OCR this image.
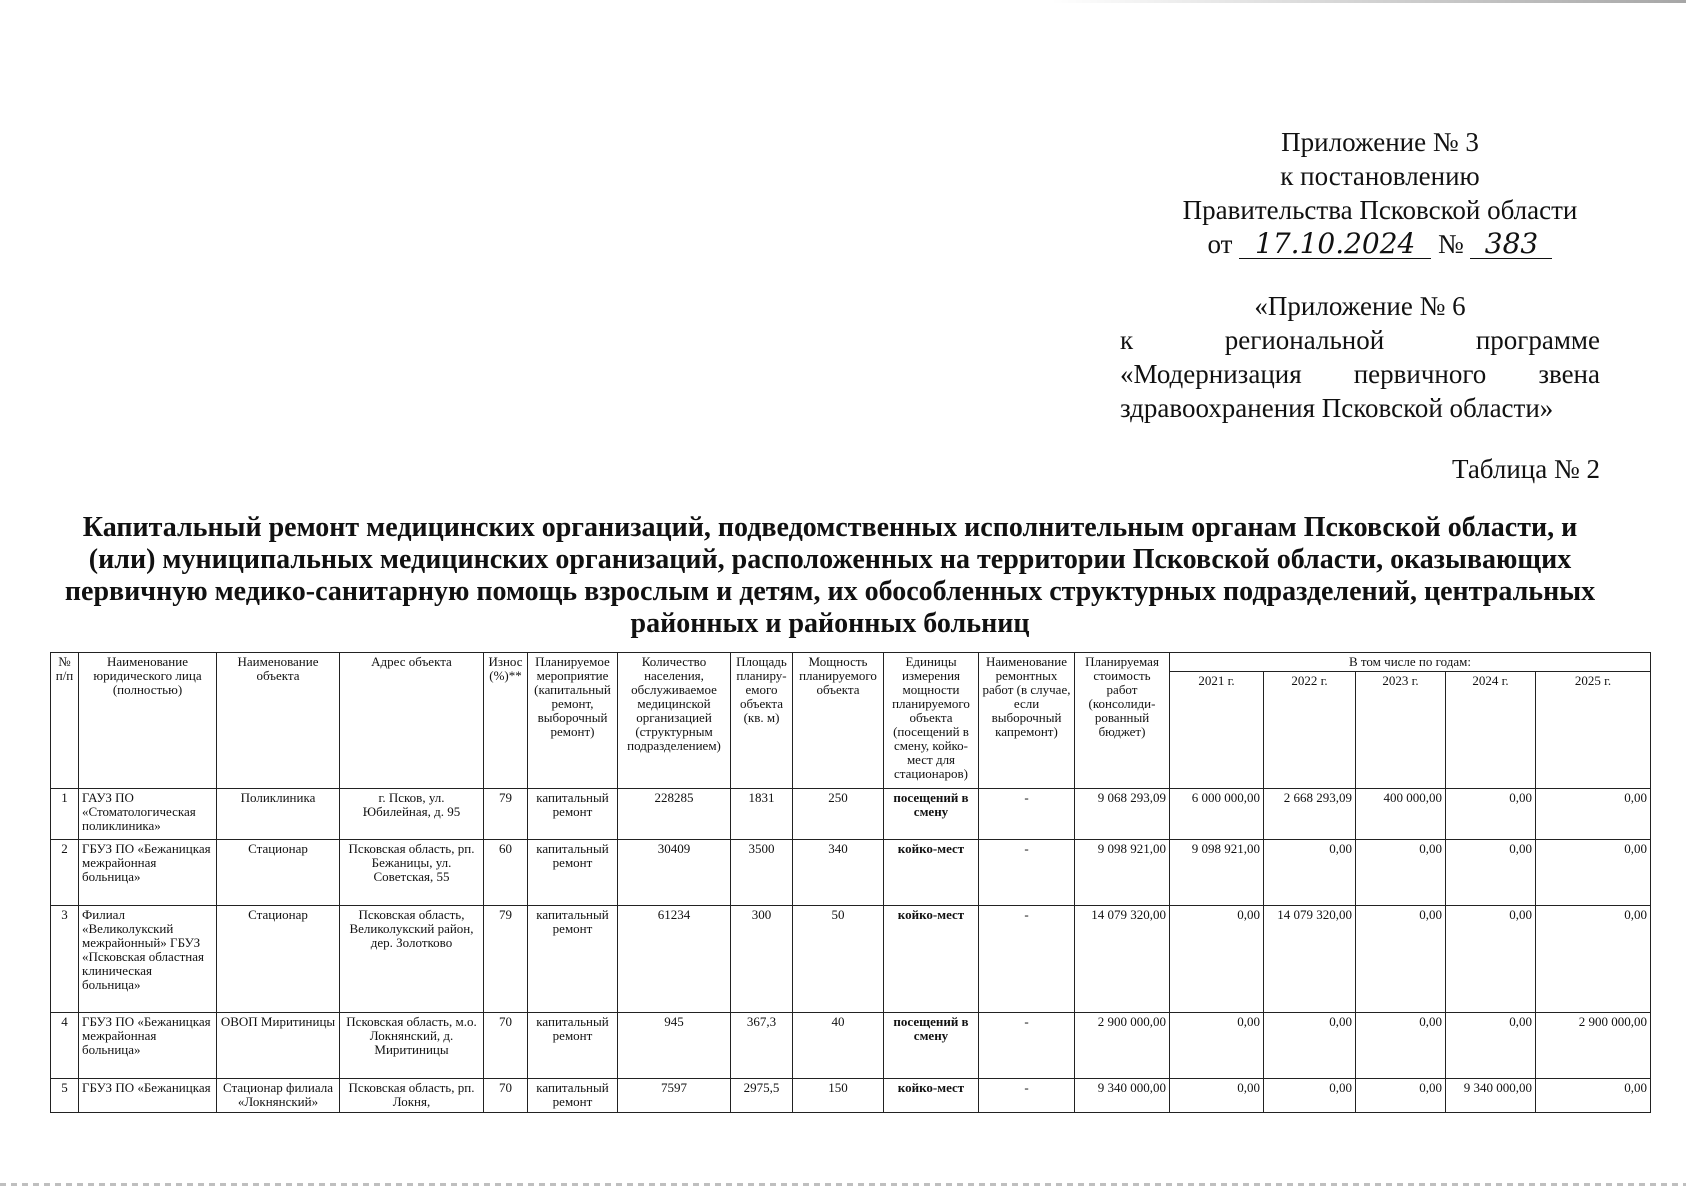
Приложение № 3
к постановлению
Правительства Псковской области
от 17.10.2024 № 383
«Приложение № 6
к региональной программе
«Модернизация первичного звена
здравоохранения Псковской области»
Таблица № 2
Капитальный ремонт медицинских организаций, подведомственных исполнительным органам Псковской области, и (или) муниципальных медицинских организаций, расположенных на территории Псковской области, оказывающих первичную медико-санитарную помощь взрослым и детям, их обособленных структурных подразделений, центральных районных и районных больниц
№ п/п	Наименование юридического лица (полностью)	Наименование объекта	Адрес объекта	Износ (%)**	Планируемое мероприятие (капитальный ремонт, выборочный ремонт)	Количество населения, обслуживаемое медицинской организацией (структурным подразделением)	Площадь планиру-емого объекта (кв. м)	Мощность планируемого объекта	Единицы измерения мощности планируемого объекта (посещений в смену, койко-мест для стационаров)	Наименование ремонтных работ (в случае, если выборочный капремонт)	Планируемая стоимость работ (консолиди-рованный бюджет)	В том числе по годам:				
												2021 г.	2022 г.	2023 г.	2024 г.	2025 г.
1	ГАУЗ ПО «Стоматологическая поликлиника»	Поликлиника	г. Псков, ул. Юбилейная, д. 95	79	капитальный ремонт	228285	1831	250	посещений в смену	-	9 068 293,09	6 000 000,00	2 668 293,09	400 000,00	0,00	0,00
2	ГБУЗ ПО «Бежаницкая межрайонная больница»	Стационар	Псковская область, рп. Бежаницы, ул. Советская, 55	60	капитальный ремонт	30409	3500	340	койко-мест	-	9 098 921,00	9 098 921,00	0,00	0,00	0,00	0,00
3	Филиал «Великолукский межрайонный» ГБУЗ «Псковская областная клиническая больница»	Стационар	Псковская область, Великолукский район, дер. Золотково	79	капитальный ремонт	61234	300	50	койко-мест	-	14 079 320,00	0,00	14 079 320,00	0,00	0,00	0,00
4	ГБУЗ ПО «Бежаницкая межрайонная больница»	ОВОП Миритиницы	Псковская область, м.о. Локнянский, д. Миритиницы	70	капитальный ремонт	945	367,3	40	посещений в смену	-	2 900 000,00	0,00	0,00	0,00	0,00	2 900 000,00
5	ГБУЗ ПО «Бежаницкая	Стационар филиала «Локнянский»	Псковская область, рп. Локня,	70	капитальный ремонт	7597	2975,5	150	койко-мест	-	9 340 000,00	0,00	0,00	0,00	9 340 000,00	0,00
